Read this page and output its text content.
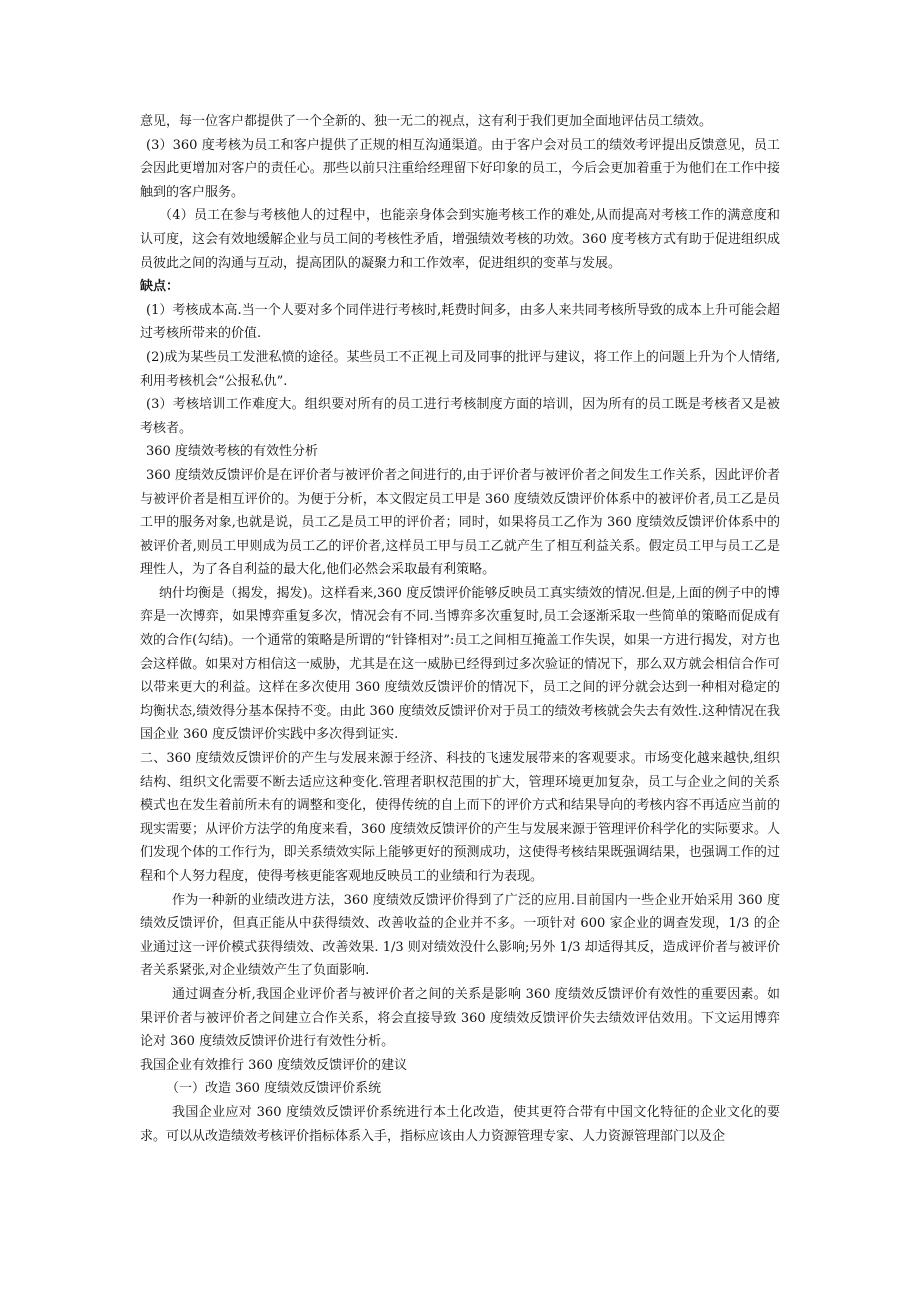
意见，每一位客户都提供了一个全新的、独一无二的视点，这有利于我们更加全面地评估员工绩效。

(3）360 度考核为员工和客户提供了正规的相互沟通渠道。由于客户会对员工的绩效考评提出反馈意见，员工会因此更增加对客户的责任心。那些以前只注重给经理留下好印象的员工，今后会更加着重于为他们在工作中接触到的客户服务。

（4）员工在参与考核他人的过程中，也能亲身体会到实施考核工作的难处,从而提高对考核工作的满意度和认可度，这会有效地缓解企业与员工间的考核性矛盾，增强绩效考核的功效。360 度考核方式有助于促进组织成员彼此之间的沟通与互动，提高团队的凝聚力和工作效率，促进组织的变革与发展。

缺点：

(1）考核成本高.当一个人要对多个同伴进行考核时,耗费时间多，由多人来共同考核所导致的成本上升可能会超过考核所带来的价值.

(2)成为某些员工发泄私愤的途径。某些员工不正视上司及同事的批评与建议，将工作上的问题上升为个人情绪,利用考核机会“公报私仇”.

(3）考核培训工作难度大。组织要对所有的员工进行考核制度方面的培训，因为所有的员工既是考核者又是被考核者。

360 度绩效考核的有效性分析

360 度绩效反馈评价是在评价者与被评价者之间进行的,由于评价者与被评价者之间发生工作关系，因此评价者与被评价者是相互评价的。为便于分析，本文假定员工甲是 360 度绩效反馈评价体系中的被评价者,员工乙是员工甲的服务对象,也就是说，员工乙是员工甲的评价者；同时，如果将员工乙作为 360 度绩效反馈评价体系中的被评价者,则员工甲则成为员工乙的评价者,这样员工甲与员工乙就产生了相互利益关系。假定员工甲与员工乙是理性人，为了各自利益的最大化,他们必然会采取最有利策略。

纳什均衡是（揭发，揭发)。这样看来,360 度反馈评价能够反映员工真实绩效的情况.但是,上面的例子中的博弈是一次博弈，如果博弈重复多次，情况会有不同.当博弈多次重复时,员工会逐渐采取一些简单的策略而促成有效的合作(勾结)。一个通常的策略是所谓的“针锋相对”:员工之间相互掩盖工作失误，如果一方进行揭发，对方也会这样做。如果对方相信这一威胁，尤其是在这一威胁已经得到过多次验证的情况下，那么双方就会相信合作可以带来更大的利益。这样在多次使用 360 度绩效反馈评价的情况下，员工之间的评分就会达到一种相对稳定的均衡状态,绩效得分基本保持不变。由此 360 度绩效反馈评价对于员工的绩效考核就会失去有效性.这种情况在我国企业 360 度反馈评价实践中多次得到证实.

二、360 度绩效反馈评价的产生与发展来源于经济、科技的飞速发展带来的客观要求。市场变化越来越快,组织结构、组织文化需要不断去适应这种变化.管理者职权范围的扩大，管理环境更加复杂，员工与企业之间的关系模式也在发生着前所未有的调整和变化，使得传统的自上而下的评价方式和结果导向的考核内容不再适应当前的现实需要；从评价方法学的角度来看，360 度绩效反馈评价的产生与发展来源于管理评价科学化的实际要求。人们发现个体的工作行为，即关系绩效实际上能够更好的预测成功，这使得考核结果既强调结果，也强调工作的过程和个人努力程度，使得考核更能客观地反映员工的业绩和行为表现。

作为一种新的业绩改进方法，360 度绩效反馈评价得到了广泛的应用.目前国内一些企业开始采用 360 度绩效反馈评价，但真正能从中获得绩效、改善收益的企业并不多。一项针对 600 家企业的调查发现，1/3 的企业通过这一评价模式获得绩效、改善效果. 1/3 则对绩效没什么影响;另外 1/3 却适得其反，造成评价者与被评价者关系紧张,对企业绩效产生了负面影响.

通过调查分析,我国企业评价者与被评价者之间的关系是影响 360 度绩效反馈评价有效性的重要因素。如果评价者与被评价者之间建立合作关系，将会直接导致 360 度绩效反馈评价失去绩效评估效用。下文运用博弈论对 360 度绩效反馈评价进行有效性分析。

我国企业有效推行 360 度绩效反馈评价的建议

（一）改造 360 度绩效反馈评价系统

我国企业应对 360 度绩效反馈评价系统进行本土化改造，使其更符合带有中国文化特征的企业文化的要求。可以从改造绩效考核评价指标体系入手，指标应该由人力资源管理专家、人力资源管理部门以及企
